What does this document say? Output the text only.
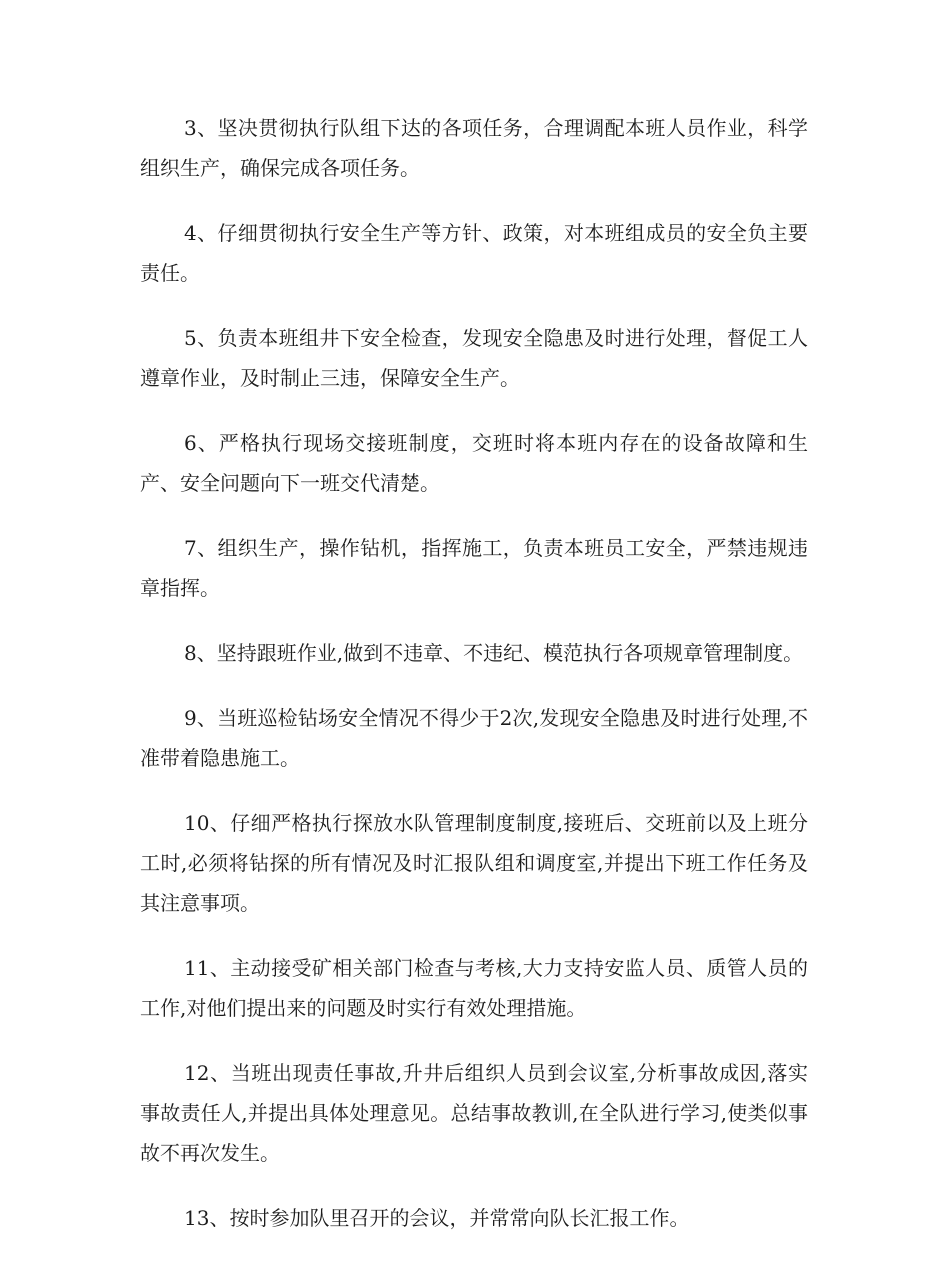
3、坚决贯彻执行队组下达的各项任务，合理调配本班人员作业，科学组织生产，确保完成各项任务。

4、仔细贯彻执行安全生产等方针、政策，对本班组成员的安全负主要责任。

5、负责本班组井下安全检查，发现安全隐患及时进行处理，督促工人遵章作业，及时制止三违，保障安全生产。

6、严格执行现场交接班制度，交班时将本班内存在的设备故障和生产、安全问题向下一班交代清楚。

7、组织生产，操作钻机，指挥施工，负责本班员工安全，严禁违规违章指挥。

8、坚持跟班作业,做到不违章、不违纪、模范执行各项规章管理制度。

9、当班巡检钻场安全情况不得少于2次,发现安全隐患及时进行处理,不准带着隐患施工。

10、仔细严格执行探放水队管理制度制度,接班后、交班前以及上班分工时,必须将钻探的所有情况及时汇报队组和调度室,并提出下班工作任务及其注意事项。

11、主动接受矿相关部门检查与考核,大力支持安监人员、质管人员的工作,对他们提出来的问题及时实行有效处理措施。

12、当班出现责任事故,升井后组织人员到会议室,分析事故成因,落实事故责任人,并提出具体处理意见。总结事故教训,在全队进行学习,使类似事故不再次发生。

13、按时参加队里召开的会议，并常常向队长汇报工作。
